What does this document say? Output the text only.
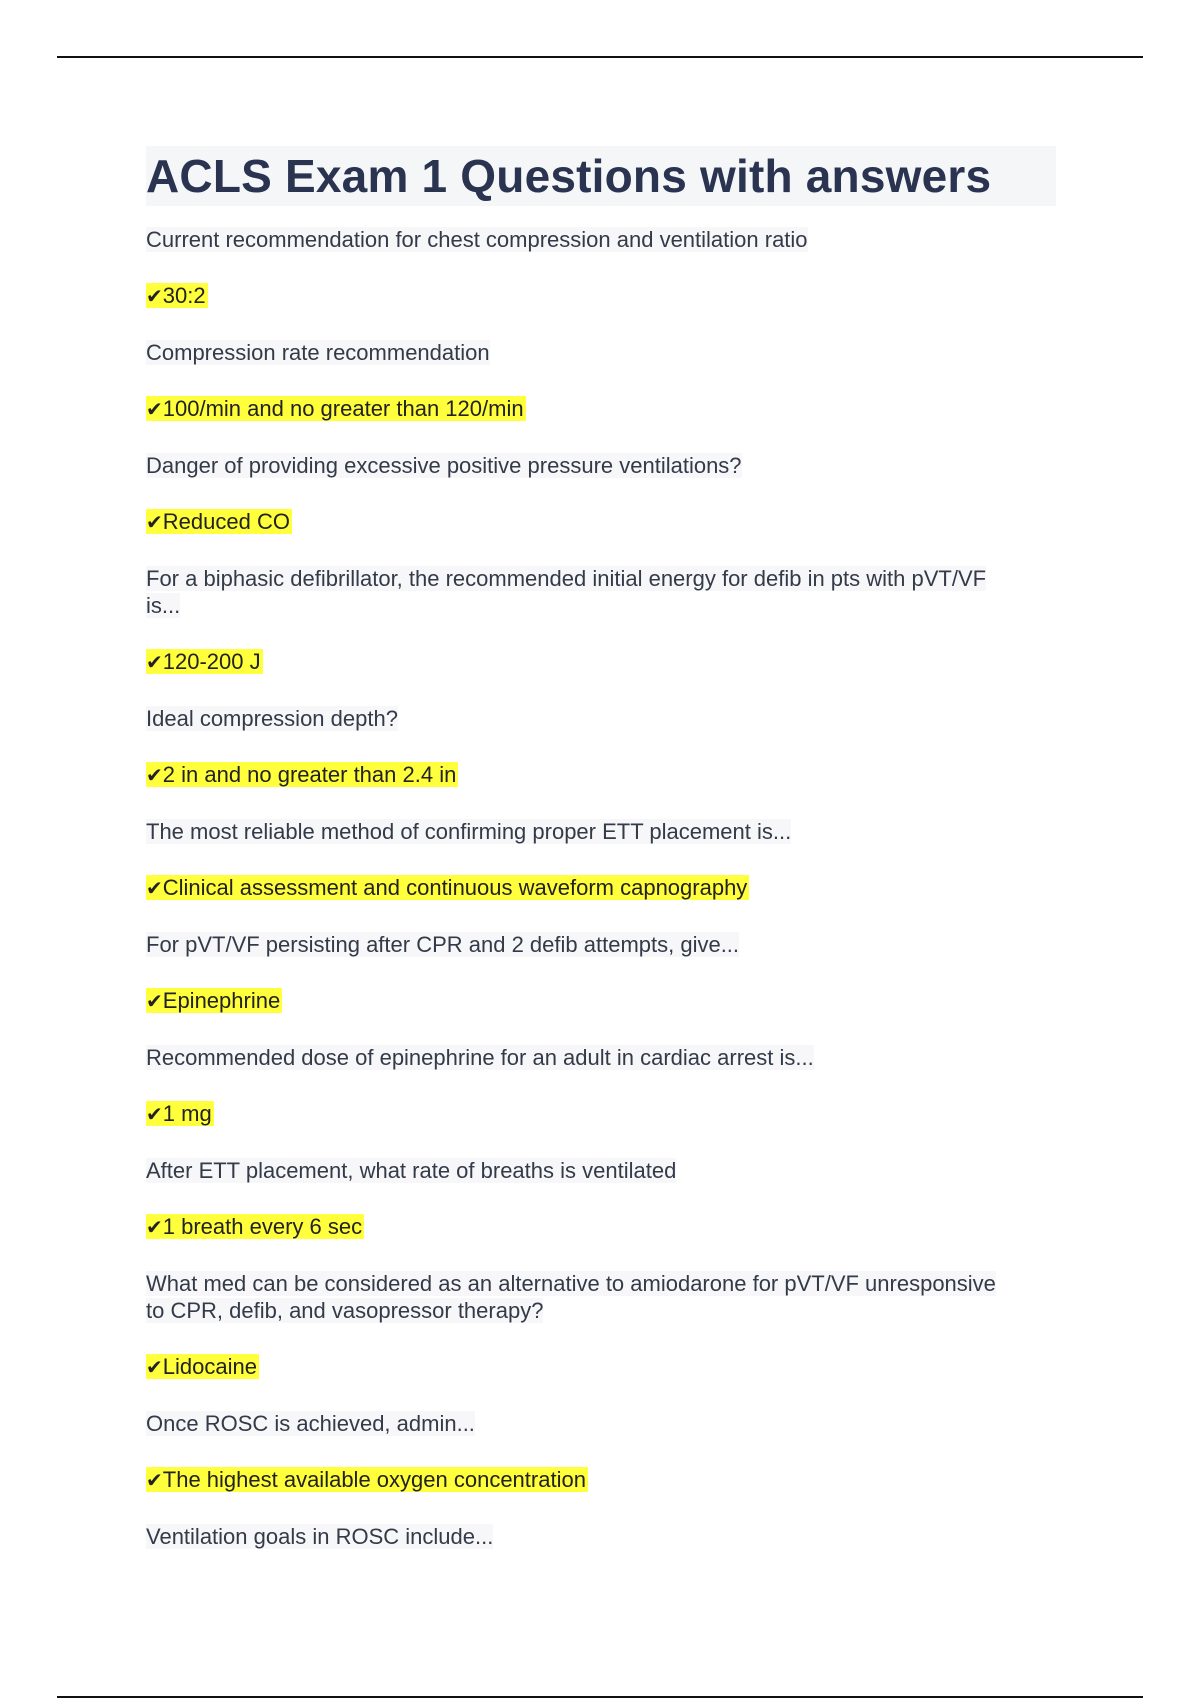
ACLS Exam 1 Questions with answers
Current recommendation for chest compression and ventilation ratio
✔30:2
Compression rate recommendation
✔100/min and no greater than 120/min
Danger of providing excessive positive pressure ventilations?
✔Reduced CO
For a biphasic defibrillator, the recommended initial energy for defib in pts with pVT/VF is...
✔120-200 J
Ideal compression depth?
✔2 in and no greater than 2.4 in
The most reliable method of confirming proper ETT placement is...
✔Clinical assessment and continuous waveform capnography
For pVT/VF persisting after CPR and 2 defib attempts, give...
✔Epinephrine
Recommended dose of epinephrine for an adult in cardiac arrest is...
✔1 mg
After ETT placement, what rate of breaths is ventilated
✔1 breath every 6 sec
What med can be considered as an alternative to amiodarone for pVT/VF unresponsive to CPR, defib, and vasopressor therapy?
✔Lidocaine
Once ROSC is achieved, admin...
✔The highest available oxygen concentration
Ventilation goals in ROSC include...
